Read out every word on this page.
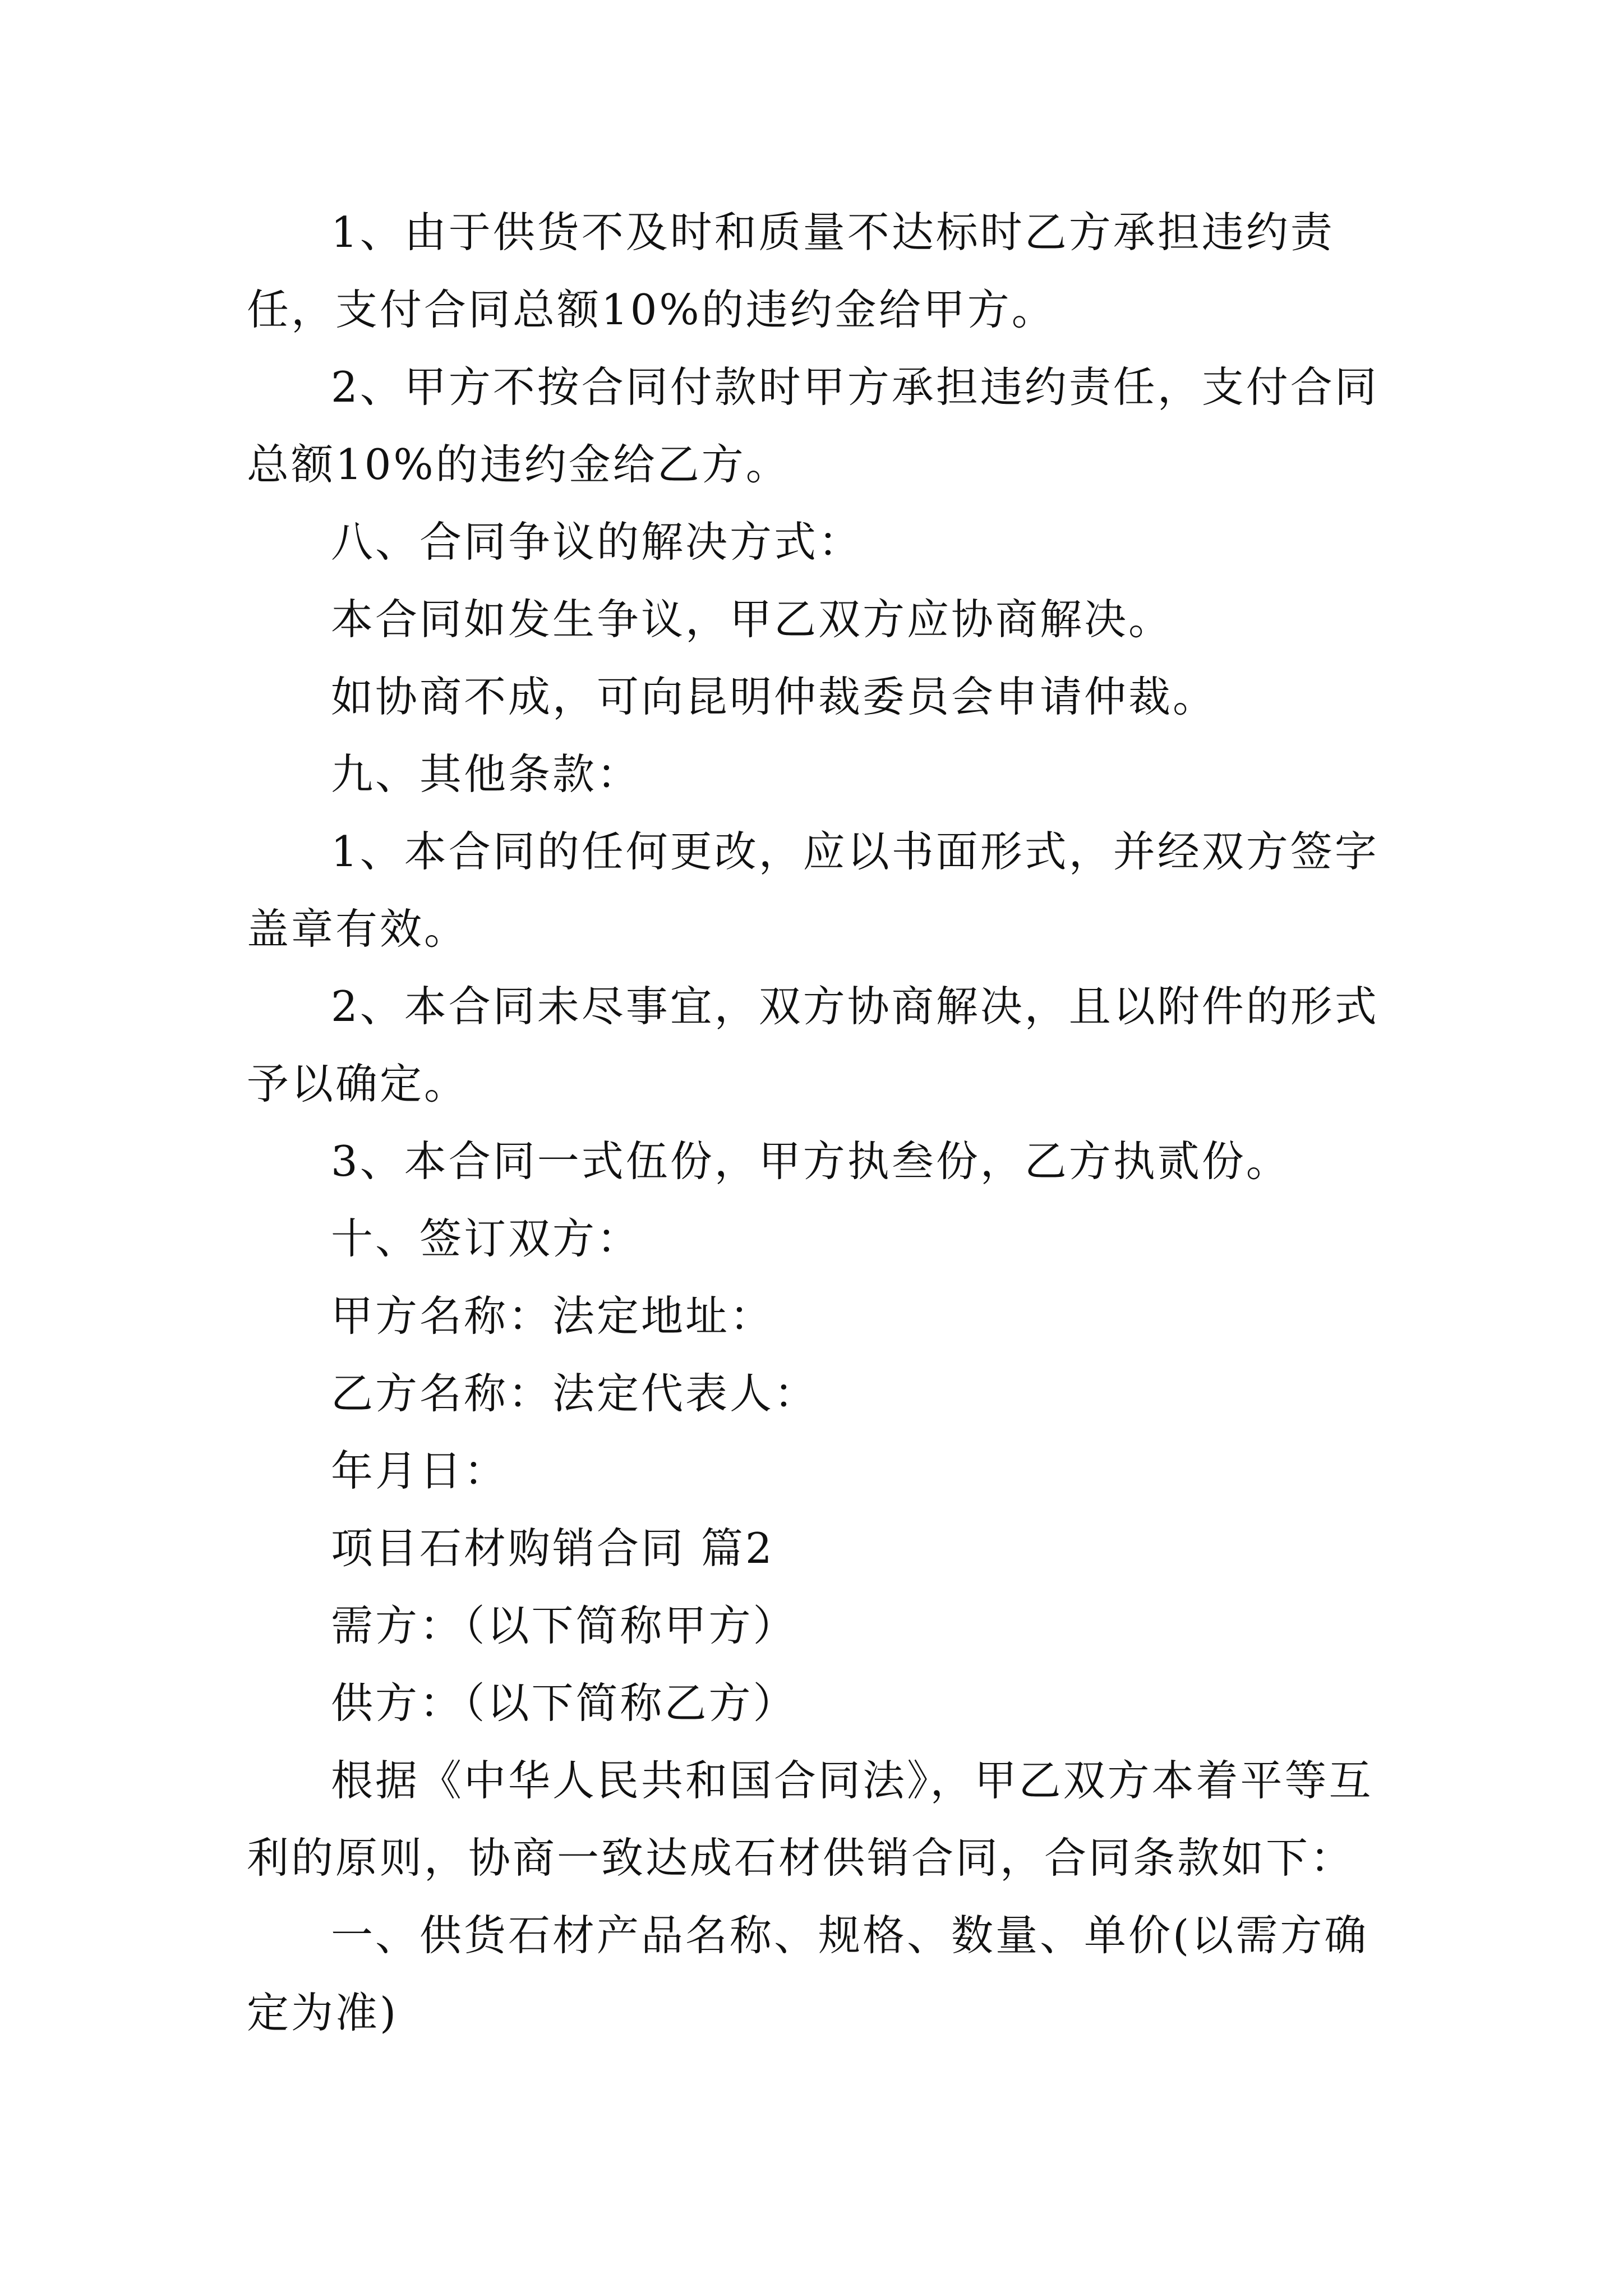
1、由于供货不及时和质量不达标时乙方承担违约责任，支付合同总额10%的违约金给甲方。

2、甲方不按合同付款时甲方承担违约责任，支付合同总额10%的违约金给乙方。

八、合同争议的解决方式：

本合同如发生争议，甲乙双方应协商解决。

如协商不成，可向昆明仲裁委员会申请仲裁。

九、其他条款：

1、本合同的任何更改，应以书面形式，并经双方签字盖章有效。

2、本合同未尽事宜，双方协商解决，且以附件的形式予以确定。

3、本合同一式伍份，甲方执叁份，乙方执贰份。

十、签订双方：

甲方名称：法定地址：

乙方名称：法定代表人：

年月日：

项目石材购销合同 篇2

需方：（以下简称甲方）

供方：（以下简称乙方）

根据《中华人民共和国合同法》，甲乙双方本着平等互利的原则，协商一致达成石材供销合同，合同条款如下：

一、供货石材产品名称、规格、数量、单价(以需方确定为准)
